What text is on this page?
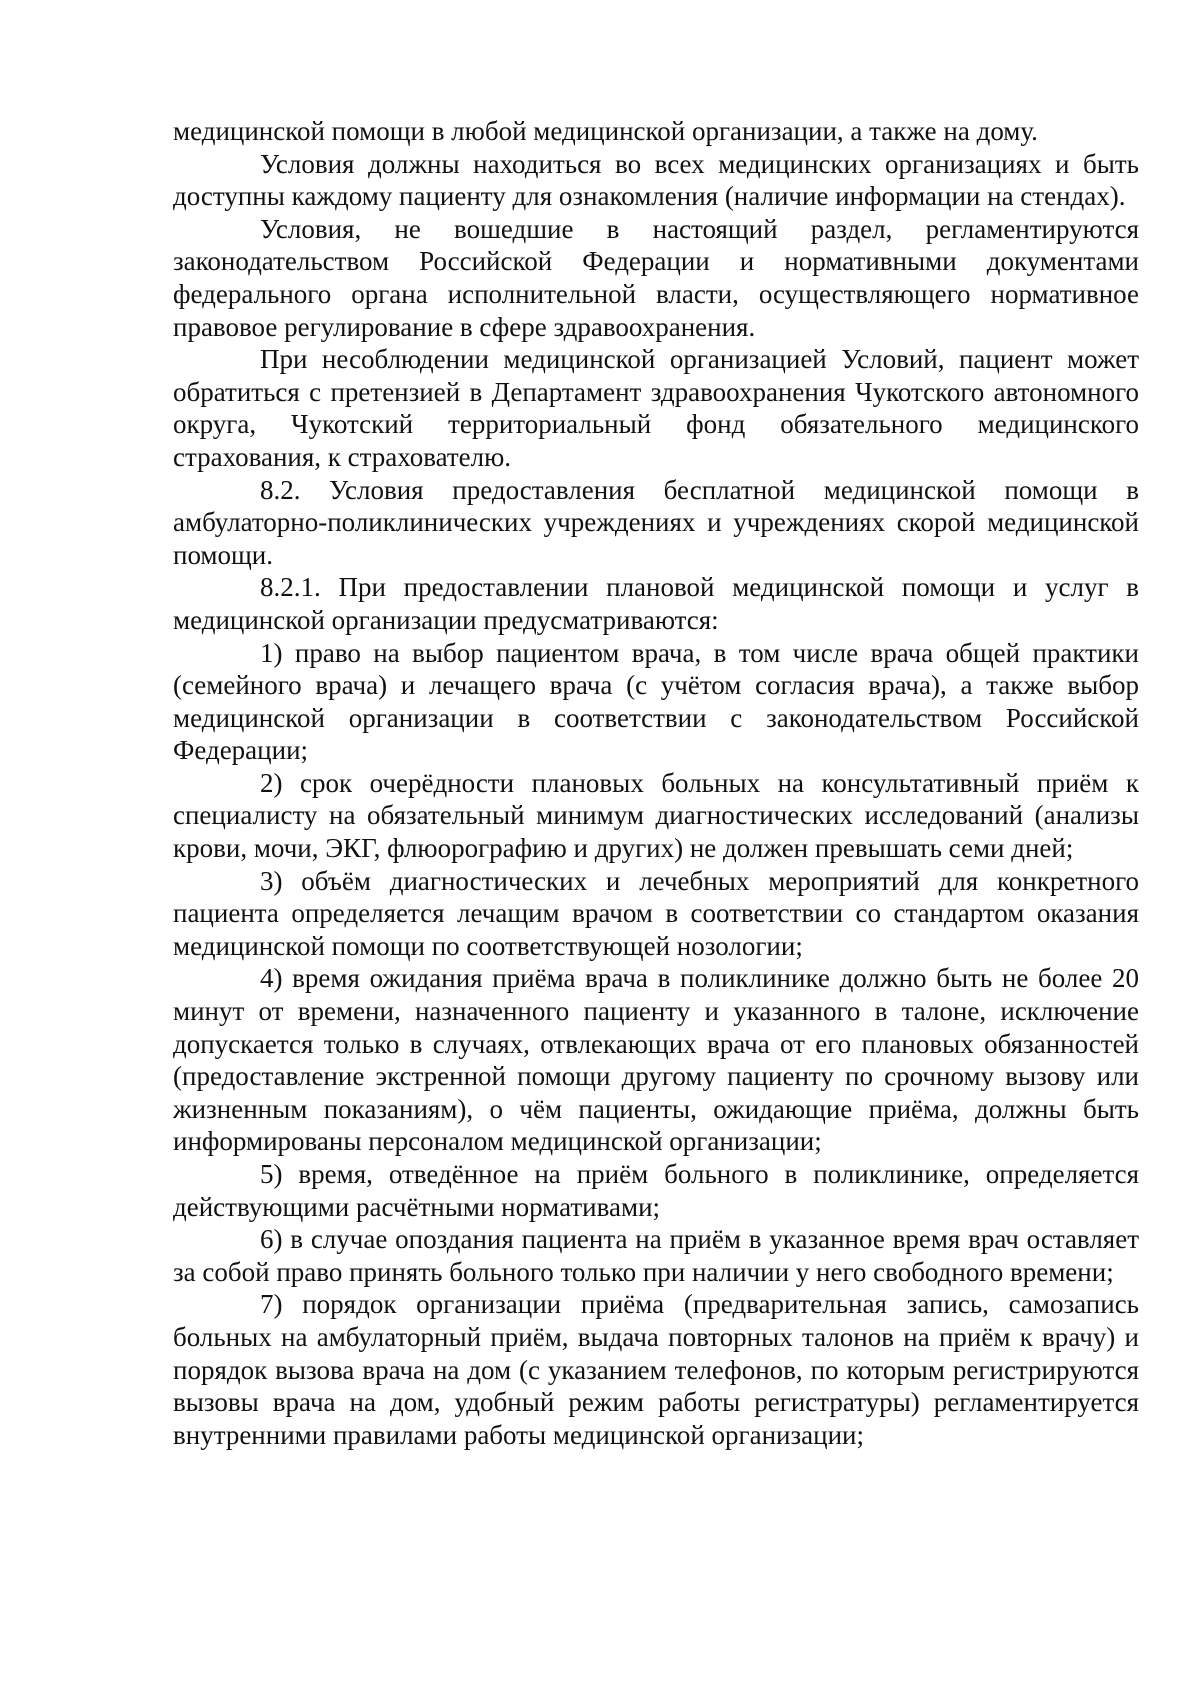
медицинской помощи в любой медицинской организации, а также на дому.

Условия должны находиться во всех медицинских организациях и быть доступны каждому пациенту для ознакомления (наличие информации на стендах).

Условия, не вошедшие в настоящий раздел, регламентируются законодательством Российской Федерации и нормативными документами федерального органа исполнительной власти, осуществляющего нормативное правовое регулирование в сфере здравоохранения.

При несоблюдении медицинской организацией Условий, пациент может обратиться с претензией в Департамент здравоохранения Чукотского автономного округа, Чукотский территориальный фонд обязательного медицинского страхования, к страхователю.

8.2. Условия предоставления бесплатной медицинской помощи в амбулаторно-поликлинических учреждениях и учреждениях скорой медицинской помощи.

8.2.1. При предоставлении плановой медицинской помощи и услуг в медицинской организации предусматриваются:

1) право на выбор пациентом врача, в том числе врача общей практики (семейного врача) и лечащего врача (с учётом согласия врача), а также выбор медицинской организации в соответствии с законодательством Российской Федерации;

2) срок очерёдности плановых больных на консультативный приём к специалисту на обязательный минимум диагностических исследований (анализы крови, мочи, ЭКГ, флюорографию и других) не должен превышать семи дней;

3) объём диагностических и лечебных мероприятий для конкретного пациента определяется лечащим врачом в соответствии со стандартом оказания медицинской помощи по соответствующей нозологии;

4) время ожидания приёма врача в поликлинике должно быть не более 20 минут от времени, назначенного пациенту и указанного в талоне, исключение допускается только в случаях, отвлекающих врача от его плановых обязанностей (предоставление экстренной помощи другому пациенту по срочному вызову или жизненным показаниям), о чём пациенты, ожидающие приёма, должны быть информированы персоналом медицинской организации;

5) время, отведённое на приём больного в поликлинике, определяется действующими расчётными нормативами;

6) в случае опоздания пациента на приём в указанное время врач оставляет за собой право принять больного только при наличии у него свободного времени;

7) порядок организации приёма (предварительная запись, самозапись больных на амбулаторный приём, выдача повторных талонов на приём к врачу) и порядок вызова врача на дом (с указанием телефонов, по которым регистрируются вызовы врача на дом, удобный режим работы регистратуры) регламентируется внутренними правилами работы медицинской организации;
